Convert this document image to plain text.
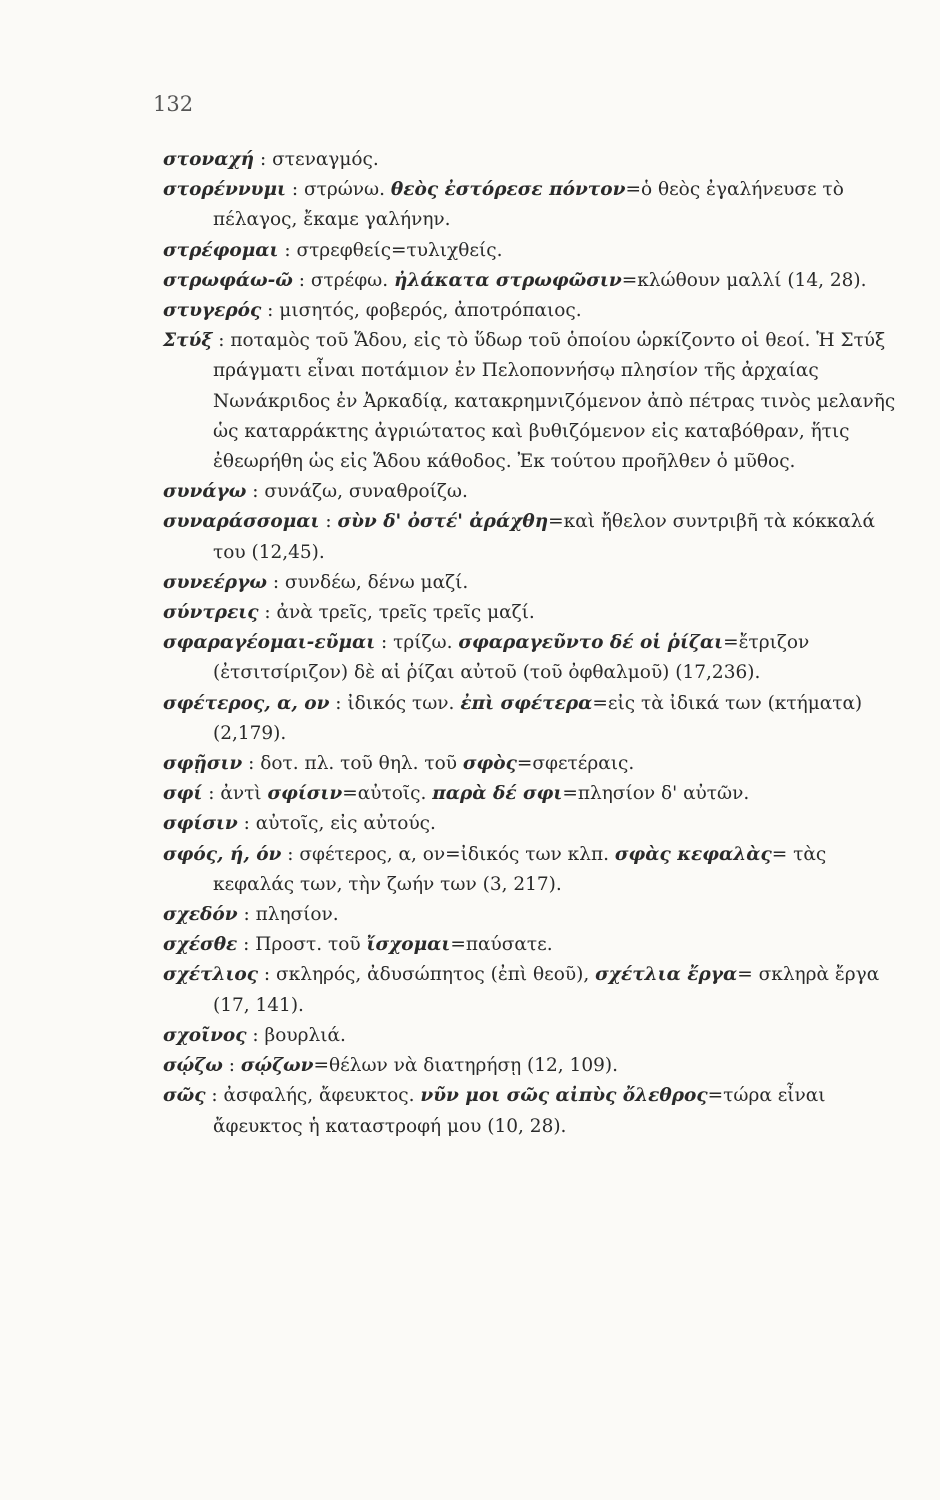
132

στοναχή : στεναγμός.

στορέννυμι : στρώνω. θεὸς ἐστόρεσε πόντον=ὁ θεὸς ἐγαλήνευσε τὸ πέλαγος, ἔκαμε γαλήνην.

στρέφομαι : στρεφθείς=τυλιχθείς.

στρωφάω-ῶ : στρέφω. ἠλάκατα στρωφῶσιν=κλώθουν μαλλί (14, 28).

στυγερός : μισητός, φοβερός, ἀποτρόπαιος.

Στύξ : ποταμὸς τοῦ Ἅδου, εἰς τὸ ὕδωρ τοῦ ὁποίου ὡρκίζοντο οἱ θεοί. Ἡ Στύξ πράγματι εἶναι ποτάμιον ἐν Πελοποννήσῳ πλησίον τῆς ἀρχαίας Νωνάκριδος ἐν Ἀρκαδίᾳ, κατακρημνιζόμενον ἀπὸ πέτρας τινὸς μελανῆς ὡς καταρράκτης ἀγριώτατος καὶ βυθιζόμενον εἰς καταβόθραν, ἥτις ἐθεωρήθη ὡς εἰς Ἅδου κάθοδος. Ἐκ τούτου προῆλθεν ὁ μῦθος.

συνάγω : συνάζω, συναθροίζω.

συναράσσομαι : σὺν δ' ὀστέ' ἀράχθη=καὶ ἤθελον συντριβῆ τὰ κόκκαλά του (12,45).

συνεέργω : συνδέω, δένω μαζί.

σύντρεις : ἀνὰ τρεῖς, τρεῖς τρεῖς μαζί.

σφαραγέομαι-εῦμαι : τρίζω. σφαραγεῦντο δέ οἱ ῥίζαι=ἔτριζον (ἐτσιτσίριζον) δὲ αἱ ῥίζαι αὐτοῦ (τοῦ ὀφθαλμοῦ) (17,236).

σφέτερος, α, ον : ἰδικός των. ἐπὶ σφέτερα=εἰς τὰ ἰδικά των (κτήματα) (2,179).

σφῇσιν : δοτ. πλ. τοῦ θηλ. τοῦ σφὸς=σφετέραις.

σφί : ἀντὶ σφίσιν=αὐτοῖς. παρὰ δέ σφι=πλησίον δ' αὐτῶν.

σφίσιν : αὐτοῖς, εἰς αὐτούς.

σφός, ή, όν : σφέτερος, α, ον=ἰδικός των κλπ. σφὰς κεφαλὰς= τὰς κεφαλάς των, τὴν ζωήν των (3, 217).

σχεδόν : πλησίον.

σχέσθε : Προστ. τοῦ ἴσχομαι=παύσατε.

σχέτλιος : σκληρός, ἀδυσώπητος (ἐπὶ θεοῦ), σχέτλια ἔργα= σκληρὰ ἔργα (17, 141).

σχοῖνος : βουρλιά.

σῴζω : σῴζων=θέλων νὰ διατηρήσῃ (12, 109).

σῶς : ἀσφαλής, ἄφευκτος. νῦν μοι σῶς αἰπὺς ὄλεθρος=τώρα εἶναι ἄφευκτος ἡ καταστροφή μου (10, 28).
